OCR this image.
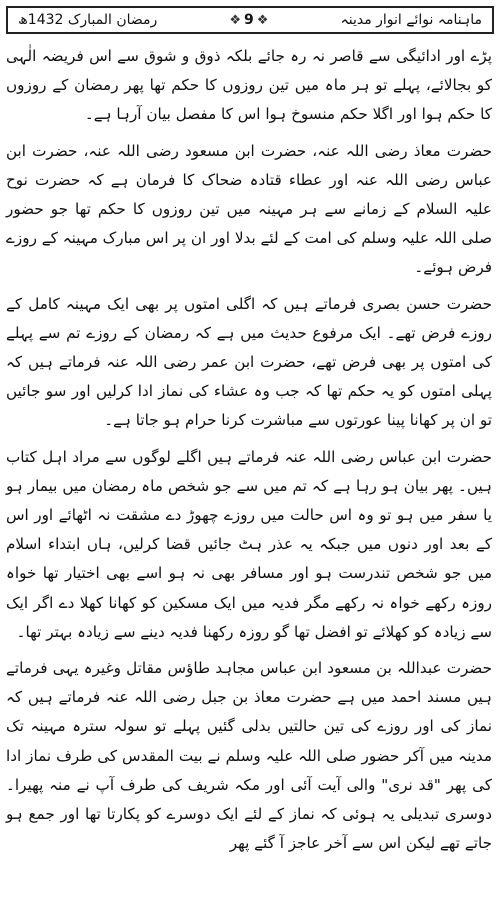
ماہنامہ نوائے انوار مدینہ
❖
9
❖
رمضان المبارک 1432ھ

پڑے اور ادائیگی سے قاصر نہ رہ جائے بلکہ ذوق و شوق سے اس فریضہ الٰہی کو بجالائے، پہلے تو ہر ماہ میں تین روزوں کا حکم تھا پھر رمضان کے روزوں کا حکم ہوا اور اگلا حکم منسوخ ہوا اس کا مفصل بیان آرہا ہے۔

حضرت معاذ رضی اللہ عنہ، حضرت ابن مسعود رضی اللہ عنہ، حضرت ابن عباس رضی اللہ عنہ اور عطاء قتادہ ضحاک کا فرمان ہے کہ حضرت نوح علیہ السلام کے زمانے سے ہر مہینہ میں تین روزوں کا حکم تھا جو حضور صلی اللہ علیہ وسلم کی امت کے لئے بدلا اور ان پر اس مبارک مہینہ کے روزے فرض ہوئے۔

حضرت حسن بصری فرماتے ہیں کہ اگلی امتوں پر بھی ایک مہینہ کامل کے روزے فرض تھے۔ ایک مرفوع حدیث میں ہے کہ رمضان کے روزے تم سے پہلے کی امتوں پر بھی فرض تھے، حضرت ابن عمر رضی اللہ عنہ فرماتے ہیں کہ پہلی امتوں کو یہ حکم تھا کہ جب وہ عشاء کی نماز ادا کرلیں اور سو جائیں تو ان پر کھانا پینا عورتوں سے مباشرت کرنا حرام ہو جاتا ہے۔

حضرت ابن عباس رضی اللہ عنہ فرماتے ہیں اگلے لوگوں سے مراد اہل کتاب ہیں۔ پھر بیان ہو رہا ہے کہ تم میں سے جو شخص ماہ رمضان میں بیمار ہو یا سفر میں ہو تو وہ اس حالت میں روزے چھوڑ دے مشقت نہ اٹھائے اور اس کے بعد اور دنوں میں جبکہ یہ عذر ہٹ جائیں قضا کرلیں، ہاں ابتداء اسلام میں جو شخص تندرست ہو اور مسافر بھی نہ ہو اسے بھی اختیار تھا خواہ روزہ رکھے خواہ نہ رکھے مگر فدیہ میں ایک مسکین کو کھانا کھلا دے اگر ایک سے زیادہ کو کھلائے تو افضل تھا گو روزہ رکھنا فدیہ دینے سے زیادہ بہتر تھا۔

حضرت عبداللہ بن مسعود ابن عباس مجاہد طاؤس مقاتل وغیرہ یہی فرماتے ہیں مسند احمد میں ہے حضرت معاذ بن جبل رضی اللہ عنہ فرماتے ہیں کہ نماز کی اور روزے کی تین حالتیں بدلی گئیں پہلے تو سولہ سترہ مہینہ تک مدینہ میں آکر حضور صلی اللہ علیہ وسلم نے بیت المقدس کی طرف نماز ادا کی پھر "قد نرى" والی آیت آئی اور مکہ شریف کی طرف آپ نے منہ پھیرا۔ دوسری تبدیلی یہ ہوئی کہ نماز کے لئے ایک دوسرے کو پکارتا تھا اور جمع ہو جاتے تھے لیکن اس سے آخر عاجز آ گئے پھر
